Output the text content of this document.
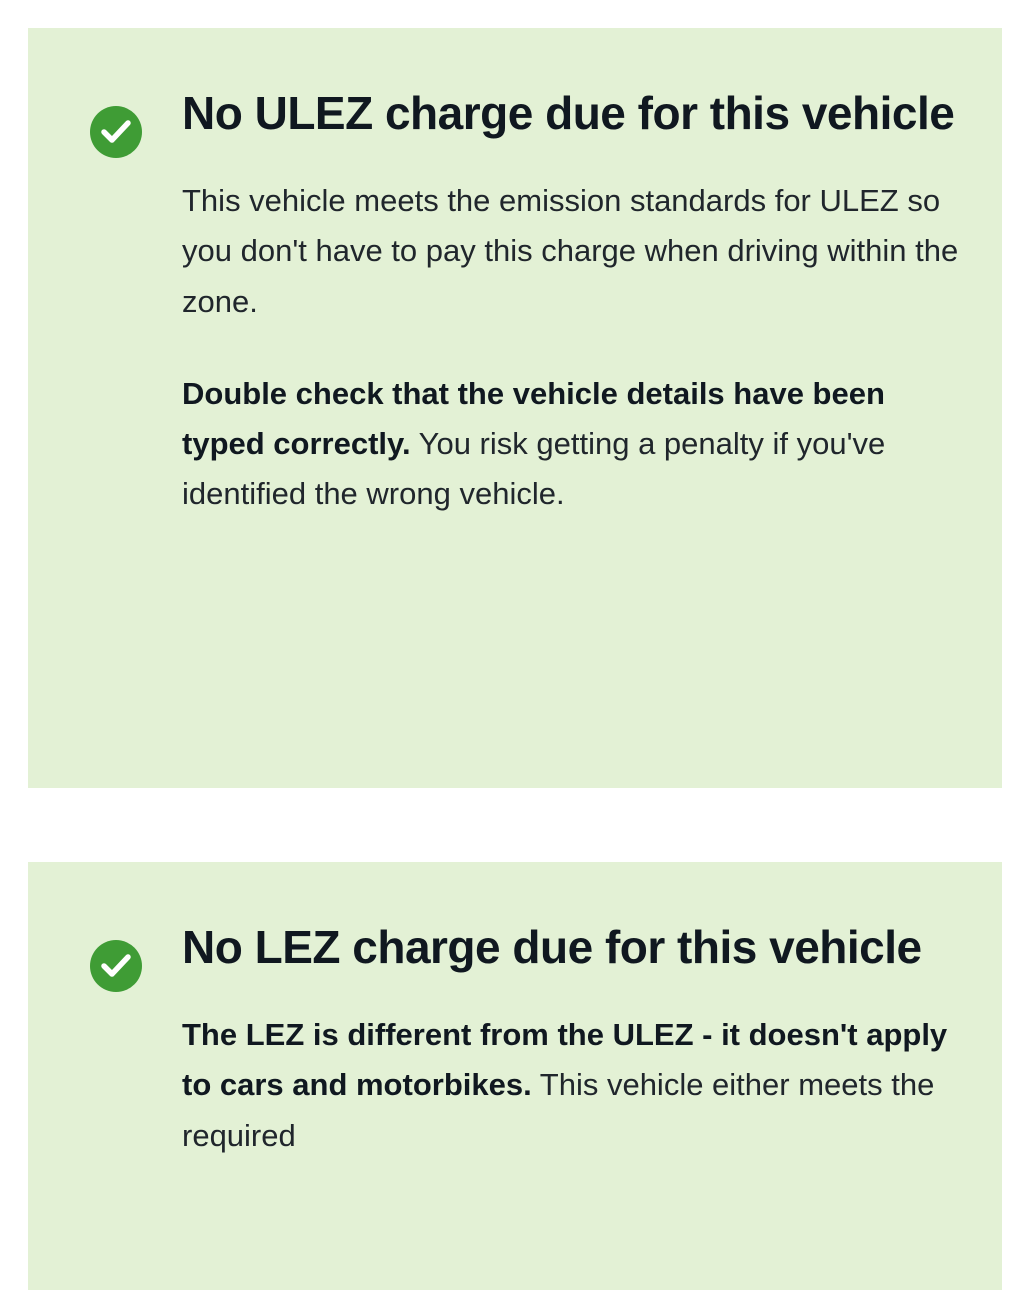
No ULEZ charge due for this vehicle

This vehicle meets the emission standards for ULEZ so you don't have to pay this charge when driving within the zone.

Double check that the vehicle details have been typed correctly. You risk getting a penalty if you've identified the wrong vehicle.

No LEZ charge due for this vehicle

The LEZ is different from the ULEZ - it doesn't apply to cars and motorbikes. This vehicle either meets the required
